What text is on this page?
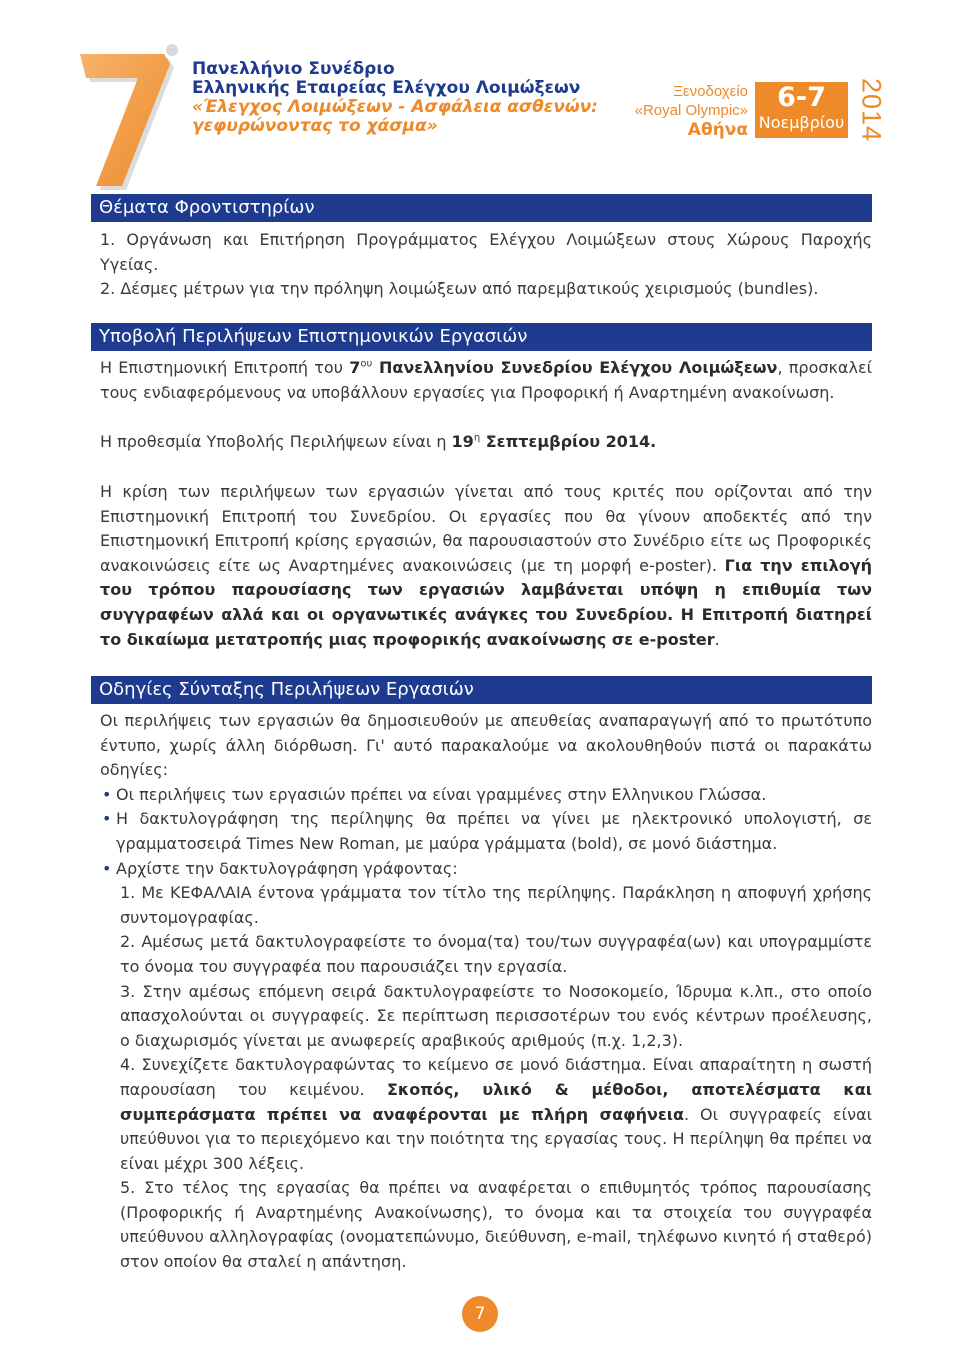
Πανελλήνιο Συνέδριο
Ελληνικής Εταιρείας Ελέγχου Λοιμώξεων
«Έλεγχος Λοιμώξεων - Ασφάλεια ασθενών:
γεφυρώνοντας το χάσμα»
Ξενοδοχείο
«Royal Olympic»
Αθήνα
6-7
Νοεμβρίου 2014
Θέματα Φροντιστηρίων

1. Οργάνωση και Επιτήρηση Προγράμματος Ελέγχου Λοιμώξεων στους Χώρους Παροχής Υγείας.

2. Δέσμες μέτρων για την πρόληψη λοιμώξεων από παρεμβατικούς χειρισμούς (bundles).

Υποβολή Περιλήψεων Επιστημονικών Εργασιών

Η Επιστημονική Επιτροπή του $7^{o\upsilon}$ Πανελληνίου Συνεδρίου Ελέγχου Λοιμώξεων, προσκαλεί τους ενδιαφερόμενους να υποβάλλουν εργασίες για Προφορική ή Αναρτημένη ανακοίνωση.

Η προθεσμία Υποβολής Περιλήψεων είναι η $19^\eta$ Σεπτεμβρίου 2014.

Η κρίση των περιλήψεων των εργασιών γίνεται από τους κριτές που ορίζονται από την Επιστημονική Επιτροπή του Συνεδρίου. Οι εργασίες που θα γίνουν αποδεκτές από την Επιστημονική Επιτροπή κρίσης εργασιών, θα παρουσιαστούν στο Συνέδριο είτε ως Προφορικές ανακοινώσεις είτε ως Αναρτημένες ανακοινώσεις (με τη μορφή e-poster). Για την επιλογή του τρόπου παρουσίασης των εργασιών λαμβάνεται υπόψη η επιθυμία των συγγραφέων αλλά και οι οργανωτικές ανάγκες του Συνεδρίου. Η Επιτροπή διατηρεί το δικαίωμα μετατροπής μιας προφορικής ανακοίνωσης σε e-poster.

Οδηγίες Σύνταξης Περιλήψεων Εργασιών

Οι περιλήψεις των εργασιών θα δημοσιευθούν με απευθείας αναπαραγωγή από το πρωτότυπο έντυπο, χωρίς άλλη διόρθωση. Γι' αυτό παρακαλούμε να ακολουθηθούν πιστά οι παρακάτω οδηγίες:

• Οι περιλήψεις των εργασιών πρέπει να είναι γραμμένες στην Ελληνικου Γλώσσα.

• Η δακτυλογράφηση της περίληψης θα πρέπει να γίνει με ηλεκτρονικό υπολογιστή, σε γραμματοσειρά Times New Roman, με μαύρα γράμματα (bold), σε μονό διάστημα.

• Αρχίστε την δακτυλογράφηση γράφοντας:

1. Με ΚΕΦΑΛΑΙΑ έντονα γράμματα τον τίτλο της περίληψης. Παράκληση η αποφυγή χρήσης συντομογραφίας.

2. Αμέσως μετά δακτυλογραφείστε το όνομα(τα) του/των συγγραφέα(ων) και υπογραμμίστε το όνομα του συγγραφέα που παρουσιάζει την εργασία.

3. Στην αμέσως επόμενη σειρά δακτυλογραφείστε το Νοσοκομείο, Ίδρυμα κ.λπ., στο οποίο απασχολούνται οι συγγραφείς. Σε περίπτωση περισσοτέρων του ενός κέντρων προέλευσης, ο διαχωρισμός γίνεται με ανωφερείς αραβικούς αριθμούς (π.χ. 1,2,3).

4. Συνεχίζετε δακτυλογραφώντας το κείμενο σε μονό διάστημα. Είναι απαραίτητη η σωστή παρουσίαση του κειμένου. Σκοπός, υλικό & μέθοδοι, αποτελέσματα και συμπεράσματα πρέπει να αναφέρονται με πλήρη σαφήνεια. Οι συγγραφείς είναι υπεύθυνοι για το περιεχόμενο και την ποιότητα της εργασίας τους. Η περίληψη θα πρέπει να είναι μέχρι 300 λέξεις.

5. Στο τέλος της εργασίας θα πρέπει να αναφέρεται ο επιθυμητός τρόπος παρουσίασης (Προφορικής ή Αναρτημένης Ανακοίνωσης), το όνομα και τα στοιχεία του συγγραφέα υπεύθυνου αλληλογραφίας (ονοματεπώνυμο, διεύθυνση, e-mail, τηλέφωνο κινητό ή σταθερό) στον οποίον θα σταλεί η απάντηση.

7
